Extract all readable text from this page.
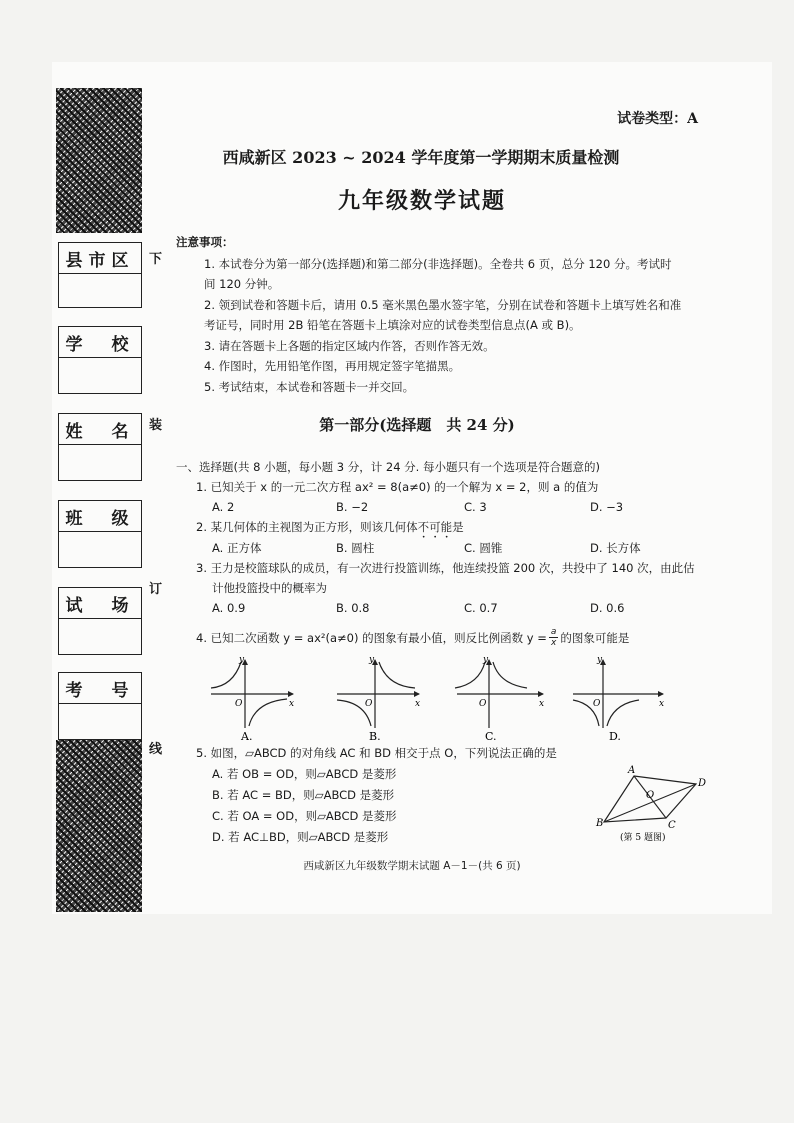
县市区
学　校
姓　名
班　级
试　场
考　号
下
装
订
线
试卷类型：A
西咸新区 2023 ~ 2024 学年度第一学期期末质量检测
九年级数学试题
注意事项：
1. 本试卷分为第一部分(选择题)和第二部分(非选择题)。全卷共 6 页，总分 120 分。考试时
间 120 分钟。
2. 领到试卷和答题卡后，请用 0.5 毫米黑色墨水签字笔，分别在试卷和答题卡上填写姓名和准
考证号，同时用 2B 铅笔在答题卡上填涂对应的试卷类型信息点(A 或 B)。
3. 请在答题卡上各题的指定区域内作答，否则作答无效。
4. 作图时，先用铅笔作图，再用规定签字笔描黑。
5. 考试结束，本试卷和答题卡一并交回。
第一部分(选择题　共 24 分)
一、选择题(共 8 小题，每小题 3 分，计 24 分. 每小题只有一个选项是符合题意的)
1. 已知关于 x 的一元二次方程 ax² = 8(a≠0) 的一个解为 x = 2，则 a 的值为
A. 2	B. −2	C. 3	D. −3
2. 某几何体的主视图为正方形，则该几何体不可能是
A. 正方体	B. 圆柱	C. 圆锥	D. 长方体
3. 王力是校篮球队的成员，有一次进行投篮训练，他连续投篮 200 次，共投中了 140 次，由此估
计他投篮投中的概率为
A. 0.9	B. 0.8	C. 0.7	D. 0.6
4. 已知二次函数 y = ax²(a≠0) 的图象有最小值，则反比例函数 $y = \frac{a}{x}$ 的图象可能是
y
x
O
A.
y
x
O
B.
y
x
O
C.
y
x
O
D.
5. 如图，▱ABCD 的对角线 AC 和 BD 相交于点 O，下列说法正确的是
A. 若 OB = OD，则▱ABCD 是菱形
B. 若 AC = BD，则▱ABCD 是菱形
C. 若 OA = OD，则▱ABCD 是菱形
D. 若 AC⊥BD，则▱ABCD 是菱形
A
B	C
D
O
(第 5 题图)
西咸新区九年级数学期末试题 A－1－(共 6 页)
